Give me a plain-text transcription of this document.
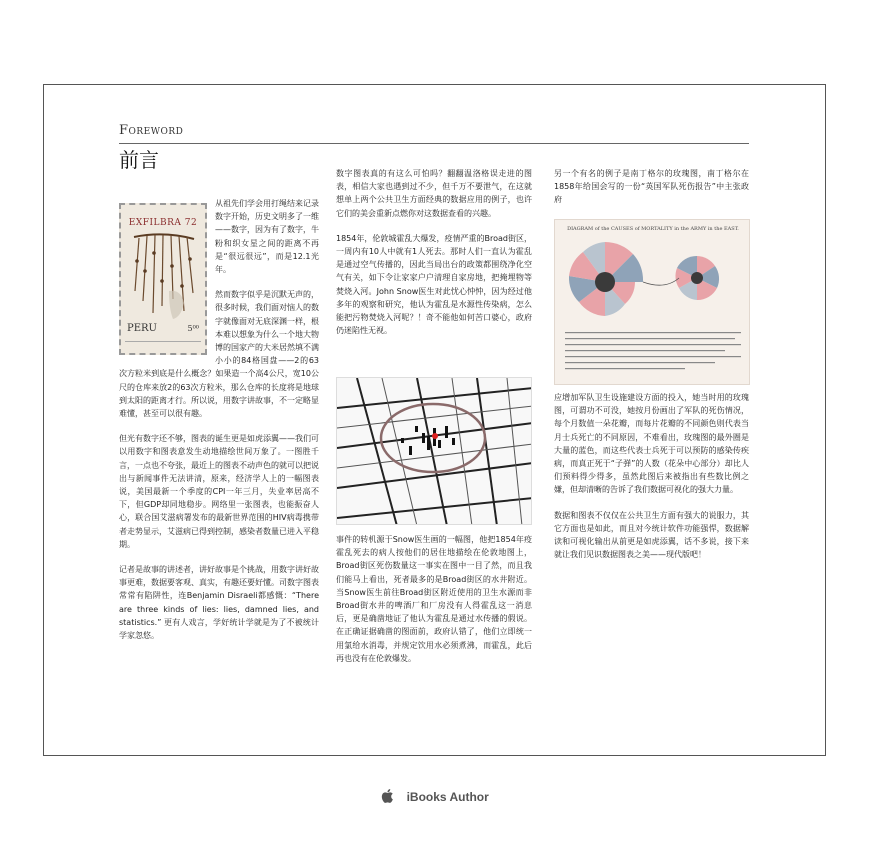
Foreword
前言
EXFILBRA 72
PERU	5⁰⁰

从祖先们学会用打绳结来记录数字开始，历史文明多了一维——数字，因为有了数字，牛粉和织女星之间的距离不再是“很远很远”，而是12.1光年。

然而数字似乎是沉默无声的，很多时候，我们面对恼人的数字就像面对无底深渊一样，根本难以想象为什么一个地大物博的国家产的大米居然填不满小小的84格国盘——2的63次方粒米到底是什么概念？如果造一个高4公尺，宽10公尺的仓库来放2的63次方粒米，那么仓库的长度将是地球到太阳的距离才行。所以说，用数字讲故事，不一定略显难懂，甚至可以很有趣。

但光有数字还不够，图表的诞生更是如虎添翼——我们可以用数字和图表意发生动地描绘世间万象了。一图胜千言，一点也不夸张，最近上的图表不动声色的就可以把说出与新闻事件无法讲清，原来，经济学人上的一幅图表说，美国最新一个季度的CPI一年三月，失业率居高不下，但GDP却同地稳步。网络里一张图表，也能振奋人心，联合国艾滋病署发布的最新世界范围的HIV病毒携带者走势显示，艾滋病已得到控制，感染者数量已进入平稳期。

记者是故事的讲述者，讲好故事是个挑战，用数字讲好故事更难，数据要客观、真实，有趣还要好懂。司数字图表常常有陷阱性，连Benjamin Disraeli都感慨：“There are three kinds of lies: lies, damned lies, and statistics.” 更有人戏言，学好统计学就是为了不被统计学家忽悠。

数字图表真的有这么可怕吗？翻翻温洛格误走进的图表，相信大家也遇到过不少，但千万不要泄气，在这就想单上两个公共卫生方面经典的数据应用的例子，也许它们的美会重新点燃你对这数据查看的兴趣。

1854年，伦敦城霍乱大爆发，疫情严重的Broad街区，一周内有10人中就有1人死去。那时人们一直认为霍乱是通过空气传播的，因此当局出台的政策都围绕净化空气有关，如下令让家家户户清理自家房地，把掩埋物等焚烧入河。John Snow医生对此忧心忡忡，因为经过他多年的观察和研究，他认为霍乱是水源性传染病，怎么能把污物焚烧入河呢？！奇不能他如何苦口婆心，政府仍迷陷性无视。

事件的转机源于Snow医生画的一幅图，他把1854年疫霍乱死去的病人按他们的居住地描绘在伦敦地图上，Broad街区死伤数量这一事实在图中一目了然，而且我们能马上看出，死者最多的是Broad街区的水井附近。当Snow医生前往Broad街区附近使用的卫生水源而非Broad街水井的啤酒厂和厂房没有人得霍乱这一消息后，更是确凿地证了他认为霍乱是通过水传播的假说。在正确证据确凿的图面前，政府认错了，他们立即统一用氯给水消毒，并规定饮用水必须煮沸，而霍乱，此后再也没有在伦敦爆发。

另一个有名的例子是南丁格尔的玫瑰图，南丁格尔在1858年给国会写的一份“英国军队死伤报告”中主张政府

DIAGRAM of the CAUSES of MORTALITY in the ARMY in the EAST.

应增加军队卫生设施建设方面的投入，她当时用的玫瑰图，可谓功不可没，她按月份画出了军队的死伤情况，每个月数值一朵花瓣，而每片花瓣的不同颜色则代表当月士兵死亡的不同原因，不难看出，玫瑰图的最外圈是大量的蓝色，而这些代表士兵死于可以预防的感染传疾病，而真正死于“子弹”的人数（花朵中心部分）却比人们预料得少得多，虽然此图后来被指出有些数比例之嫌，但却清晰的告诉了我们数据可视化的强大力量。

数据和图表不仅仅在公共卫生方面有强大的说服力，其它方面也是如此，而且对今统计软件功能强悍，数据解读和可视化输出从前更是如虎添翼，话不多说，接下来就让我们见识数据图表之美——现代版吧！

iBooks Author
